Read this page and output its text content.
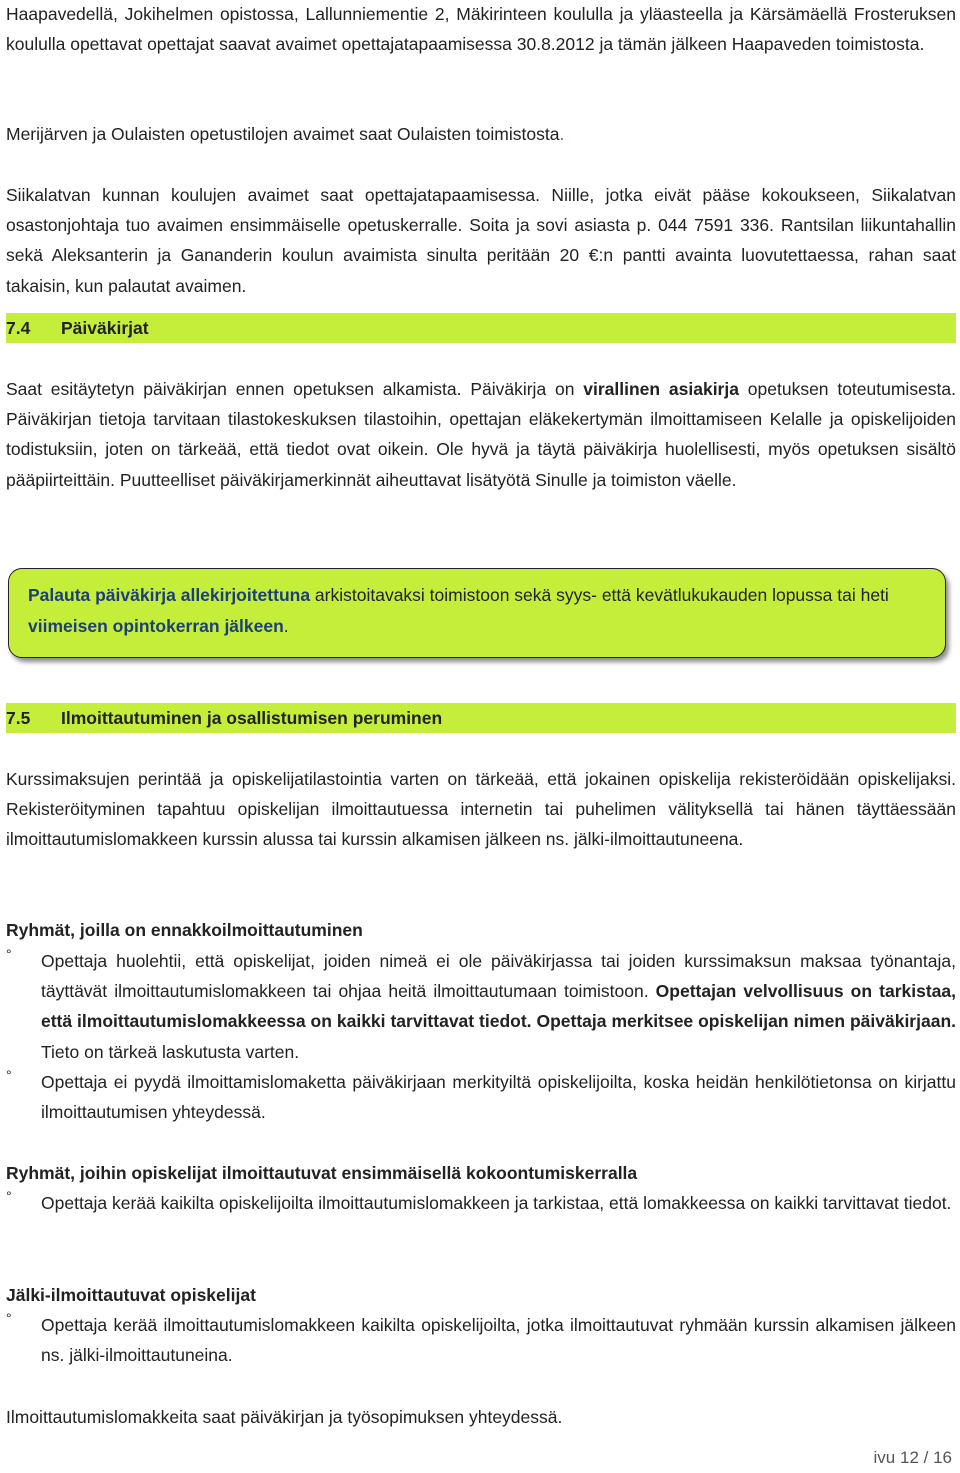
Haapavedellä, Jokihelmen opistossa, Lallunniementie 2, Mäkirinteen koululla ja yläasteella ja Kärsämäellä Frosteruksen koululla opettavat opettajat saavat avaimet opettajatapaamisessa 30.8.2012 ja tämän jälkeen Haapaveden toimistosta.

Merijärven ja Oulaisten opetustilojen avaimet saat Oulaisten toimistosta.

Siikalatvan kunnan koulujen avaimet saat opettajatapaamisessa. Niille, jotka eivät pääse kokoukseen, Siikalatvan osastonjohtaja tuo avaimen ensimmäiselle opetuskerralle. Soita ja sovi asiasta p. 044 7591 336. Rantsilan liikuntahallin sekä Aleksanterin ja Gananderin koulun avaimista sinulta peritään 20 €:n pantti avainta luovutettaessa, rahan saat takaisin, kun palautat avaimen.

7.4 Päiväkirjat

Saat esitäytetyn päiväkirjan ennen opetuksen alkamista. Päiväkirja on virallinen asiakirja opetuksen toteutumisesta. Päiväkirjan tietoja tarvitaan tilastokeskuksen tilastoihin, opettajan eläkekertymän ilmoittamiseen Kelalle ja opiskelijoiden todistuksiin, joten on tärkeää, että tiedot ovat oikein. Ole hyvä ja täytä päiväkirja huolellisesti, myös opetuksen sisältö pääpiirteittäin. Puutteelliset päiväkirjamerkinnät aiheuttavat lisätyötä Sinulle ja toimiston väelle.

Palauta päiväkirja allekirjoitettuna arkistoitavaksi toimistoon sekä syys- että kevätlukukauden lopussa tai heti viimeisen opintokerran jälkeen.
7.5 Ilmoittautuminen ja osallistumisen peruminen

Kurssimaksujen perintää ja opiskelijatilastointia varten on tärkeää, että jokainen opiskelija rekisteröidään opiskelijaksi. Rekisteröityminen tapahtuu opiskelijan ilmoittautuessa internetin tai puhelimen välityksellä tai hänen täyttäessään ilmoittautumislomakkeen kurssin alussa tai kurssin alkamisen jälkeen ns. jälki-ilmoittautuneena.

Ryhmät, joilla on ennakkoilmoittautuminen
° Opettaja huolehtii, että opiskelijat, joiden nimeä ei ole päiväkirjassa tai joiden kurssimaksun maksaa työnantaja, täyttävät ilmoittautumislomakkeen tai ohjaa heitä ilmoittautumaan toimistoon. Opettajan velvollisuus on tarkistaa, että ilmoittautumislomakkeessa on kaikki tarvittavat tiedot. Opettaja merkitsee opiskelijan nimen päiväkirjaan. Tieto on tärkeä laskutusta varten.

° Opettaja ei pyydä ilmoittamislomaketta päiväkirjaan merkityiltä opiskelijoilta, koska heidän henkilötietonsa on kirjattu ilmoittautumisen yhteydessä.

Ryhmät, joihin opiskelijat ilmoittautuvat ensimmäisellä kokoontumiskerralla
° Opettaja kerää kaikilta opiskelijoilta ilmoittautumislomakkeen ja tarkistaa, että lomakkeessa on kaikki tarvittavat tiedot.

Jälki-ilmoittautuvat opiskelijat
° Opettaja kerää ilmoittautumislomakkeen kaikilta opiskelijoilta, jotka ilmoittautuvat ryhmään kurssin alkamisen jälkeen ns. jälki-ilmoittautuneina.

Ilmoittautumislomakkeita saat päiväkirjan ja työsopimuksen yhteydessä.

ivu 12 / 16
